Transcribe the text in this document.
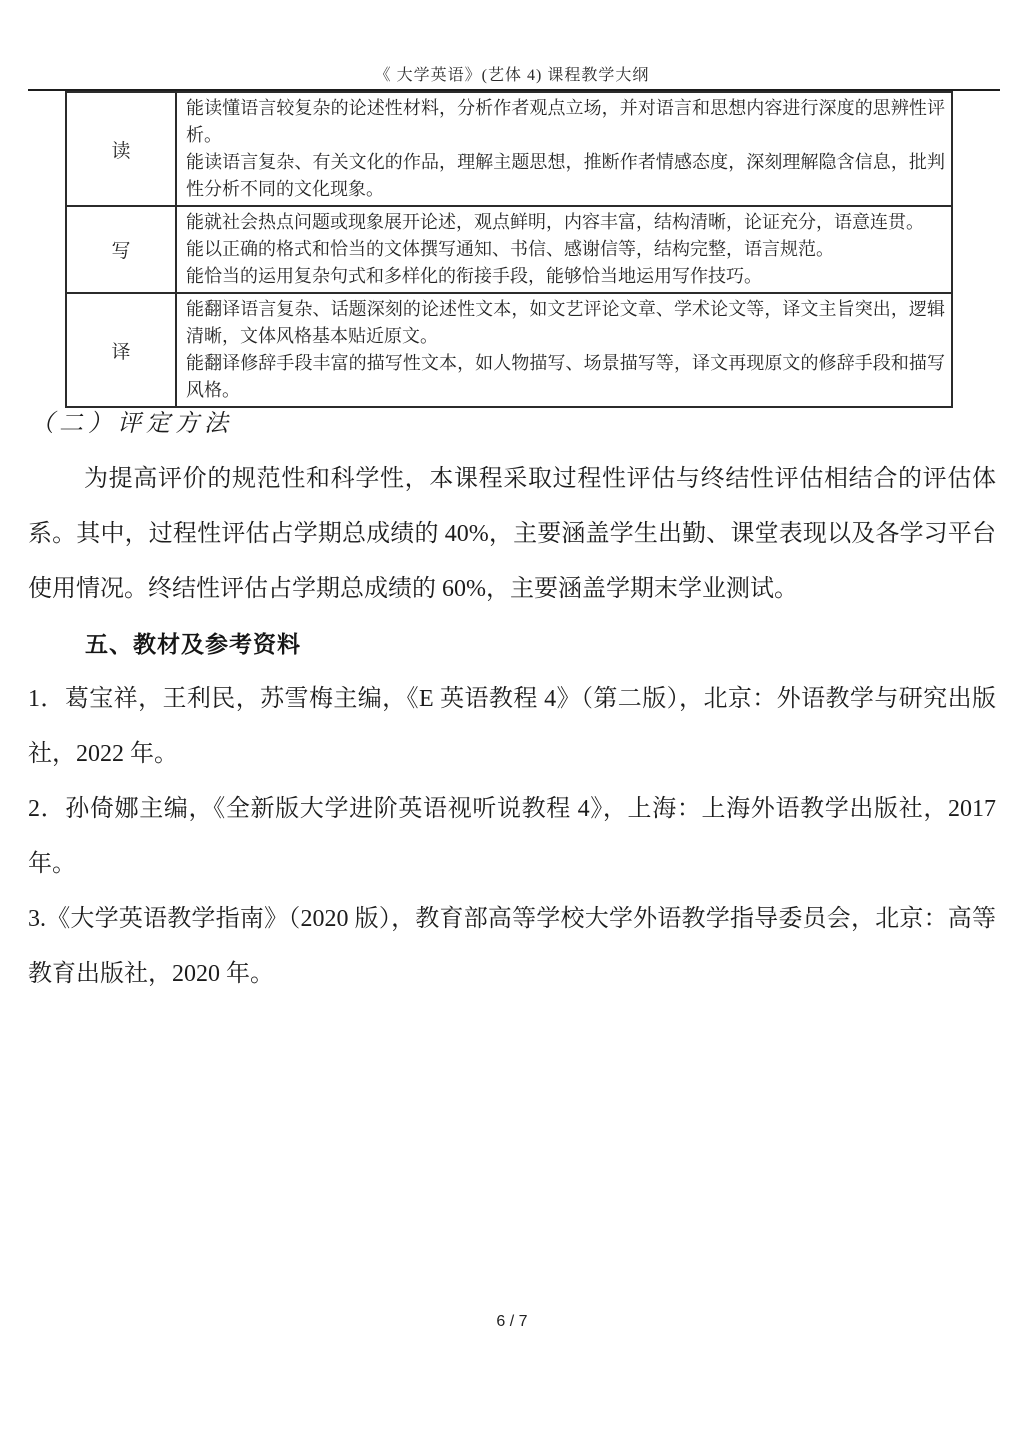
《 大学英语》(艺体 4) 课程教学大纲
读	能读懂语言较复杂的论述性材料，分析作者观点立场，并对语言和思想内容进行深度的思辨性评析。
能读语言复杂、有关文化的作品，理解主题思想，推断作者情感态度，深刻理解隐含信息，批判性分析不同的文化现象。

写	能就社会热点问题或现象展开论述，观点鲜明，内容丰富，结构清晰，论证充分，语意连贯。
能以正确的格式和恰当的文体撰写通知、书信、感谢信等，结构完整，语言规范。
能恰当的运用复杂句式和多样化的衔接手段，能够恰当地运用写作技巧。

译	能翻译语言复杂、话题深刻的论述性文本，如文艺评论文章、学术论文等，译文主旨突出，逻辑清晰，文体风格基本贴近原文。
能翻译修辞手段丰富的描写性文本，如人物描写、场景描写等，译文再现原文的修辞手段和描写风格。
（二）评定方法

为提高评价的规范性和科学性，本课程采取过程性评估与终结性评估相结合的评估体系。其中，过程性评估占学期总成绩的 40%，主要涵盖学生出勤、课堂表现以及各学习平台使用情况。终结性评估占学期总成绩的 60%，主要涵盖学期末学业测试。

五、教材及参考资料

1．葛宝祥，王利民，苏雪梅主编，《E 英语教程 4》（第二版），北京：外语教学与研究出版社，2022 年。

2．孙倚娜主编，《全新版大学进阶英语视听说教程 4》，上海：上海外语教学出版社，2017 年。

3.《大学英语教学指南》（2020 版），教育部高等学校大学外语教学指导委员会，北京：高等教育出版社，2020 年。

6 / 7
